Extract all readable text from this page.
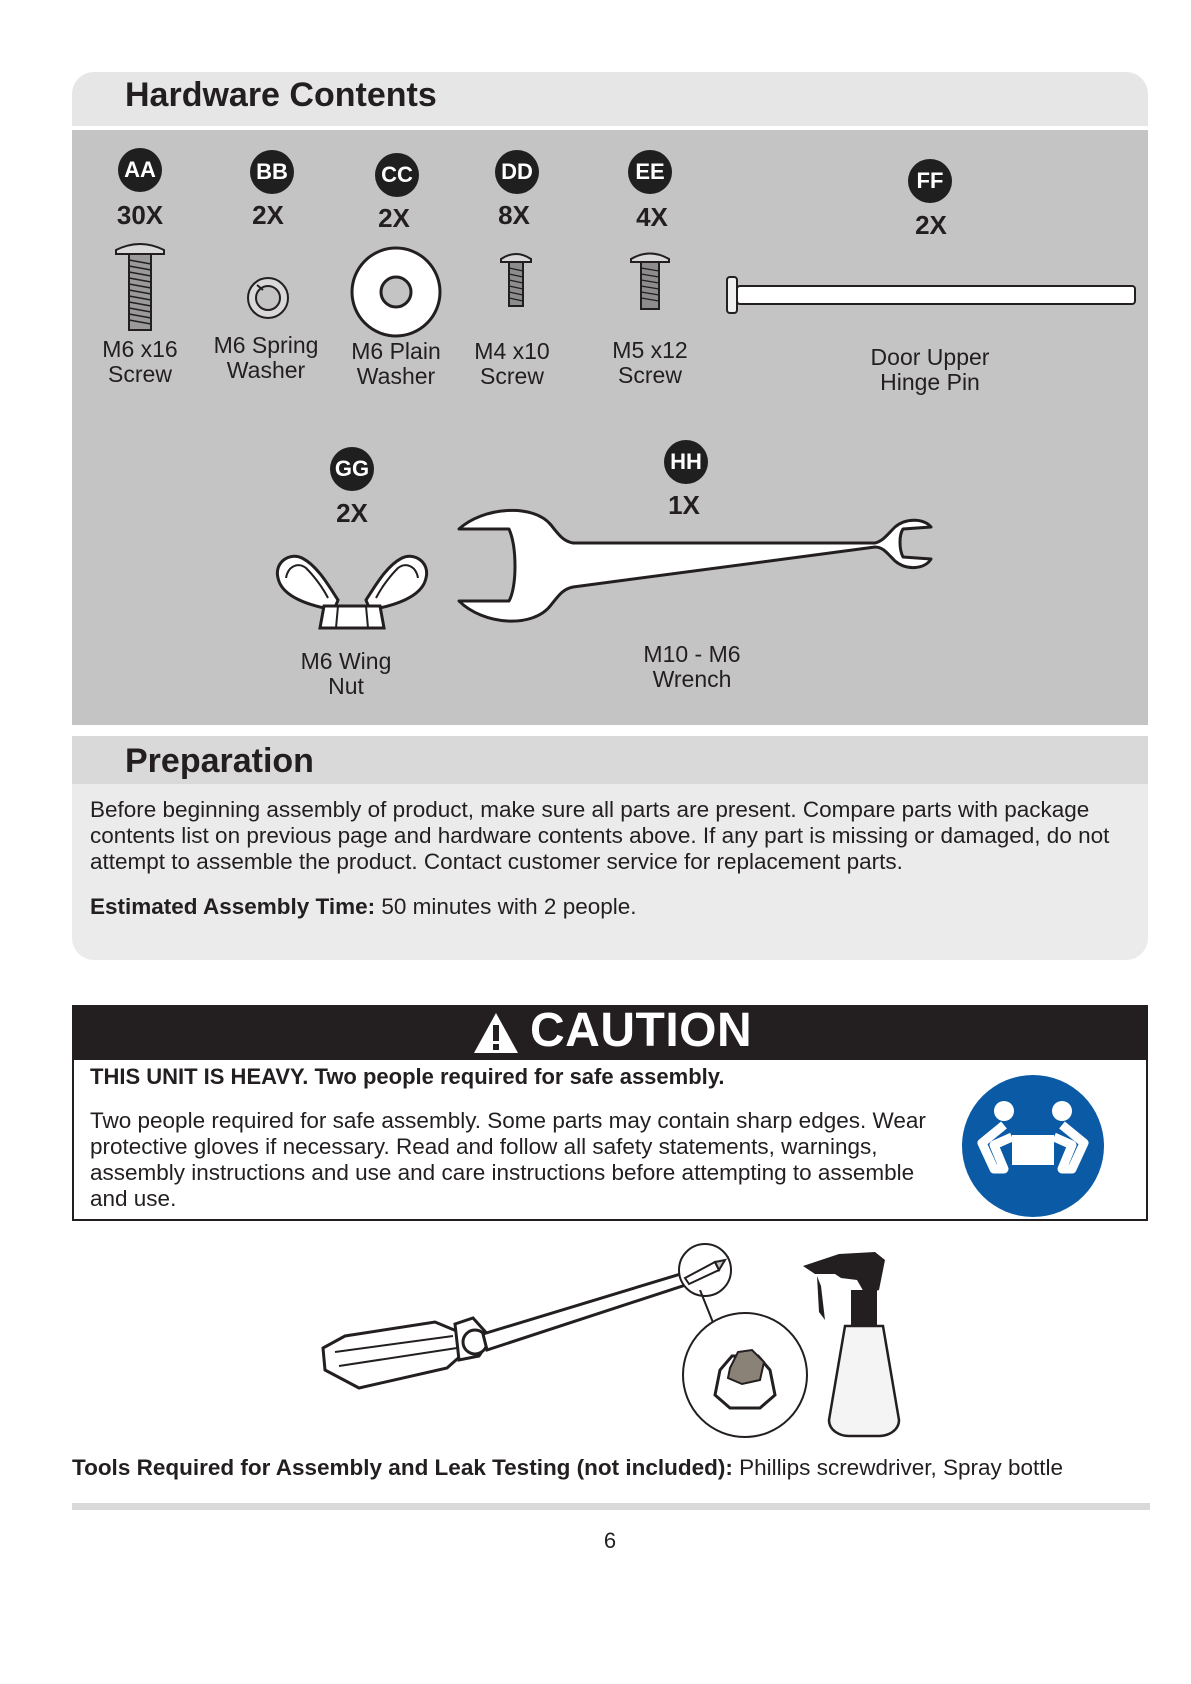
Hardware Contents
AA
30X
M6 x16
Screw
BB
2X
M6 Spring
Washer
CC
2X
M6 Plain
Washer
DD
8X
M4 x10
Screw
EE
4X
M5 x12
Screw
FF
2X
Door Upper
Hinge Pin
GG
2X
M6 Wing
Nut
HH
1X
M10 - M6
Wrench
Preparation
Before beginning assembly of product, make sure all parts are present. Compare parts with package contents list on previous page and hardware contents above. If any part is missing or damaged, do not attempt to assemble the product. Contact customer service for replacement parts.
Estimated Assembly Time: 50 minutes with 2 people.
CAUTION
THIS UNIT IS HEAVY. Two people required for safe assembly.
Two people required for safe assembly. Some parts may contain sharp edges. Wear protective gloves if necessary. Read and follow all safety statements, warnings, assembly instructions and use and care instructions before attempting to assemble and use.
Tools Required for Assembly and Leak Testing (not included): Phillips screwdriver, Spray bottle
6
